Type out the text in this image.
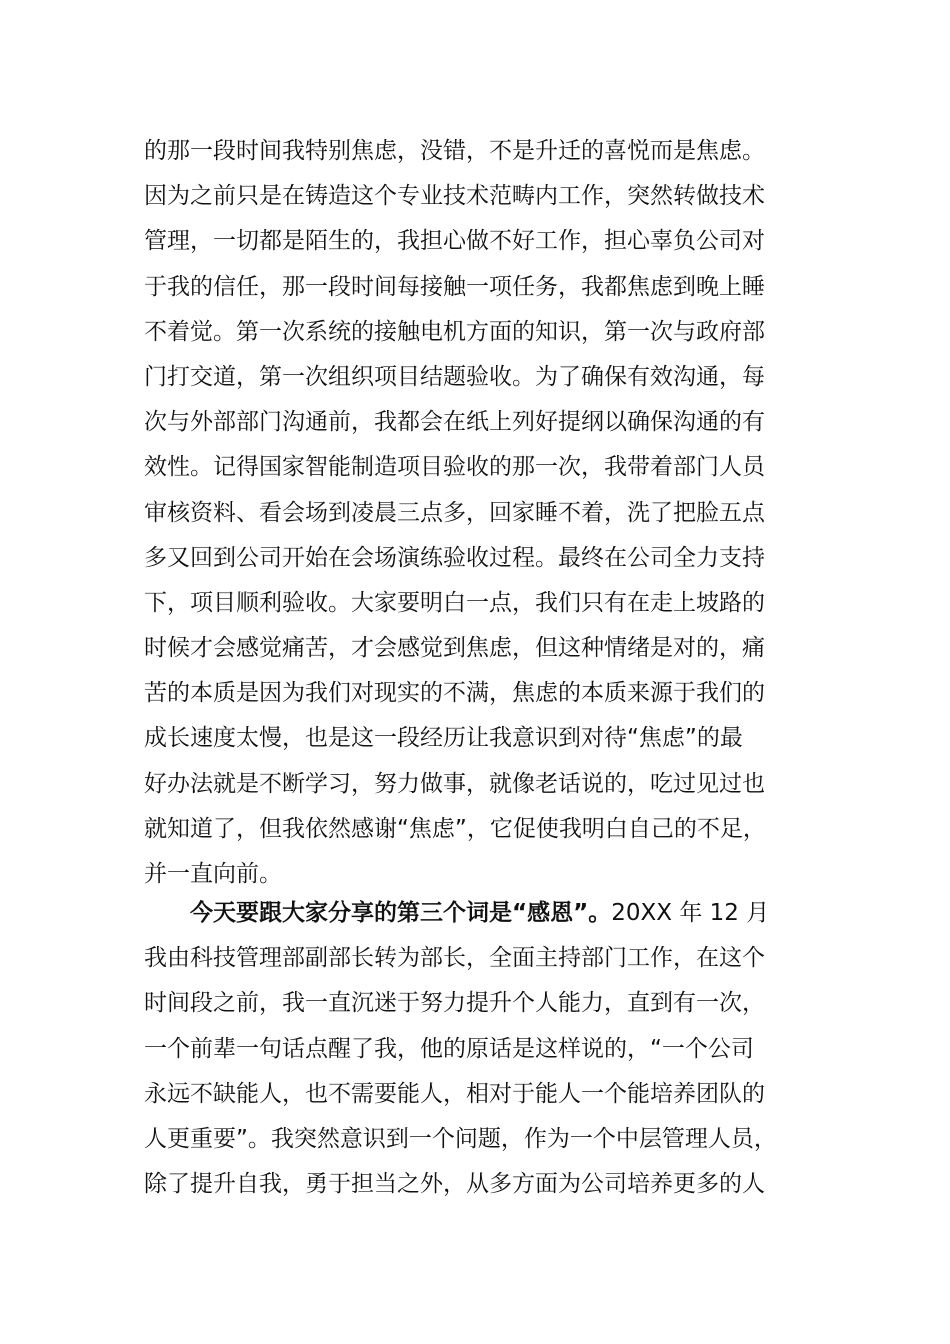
的那一段时间我特别焦虑，没错，不是升迁的喜悦而是焦虑。
因为之前只是在铸造这个专业技术范畴内工作，突然转做技术
管理，一切都是陌生的，我担心做不好工作，担心辜负公司对
于我的信任，那一段时间每接触一项任务，我都焦虑到晚上睡
不着觉。第一次系统的接触电机方面的知识，第一次与政府部
门打交道，第一次组织项目结题验收。为了确保有效沟通，每
次与外部部门沟通前，我都会在纸上列好提纲以确保沟通的有
效性。记得国家智能制造项目验收的那一次，我带着部门人员
审核资料、看会场到凌晨三点多，回家睡不着，洗了把脸五点
多又回到公司开始在会场演练验收过程。最终在公司全力支持
下，项目顺利验收。大家要明白一点，我们只有在走上坡路的
时候才会感觉痛苦，才会感觉到焦虑，但这种情绪是对的，痛
苦的本质是因为我们对现实的不满，焦虑的本质来源于我们的
成长速度太慢，也是这一段经历让我意识到对待“焦虑”的最
好办法就是不断学习，努力做事，就像老话说的，吃过见过也
就知道了，但我依然感谢“焦虑”，它促使我明白自己的不足，
并一直向前。
今天要跟大家分享的第三个词是“感恩”。20XX 年 12 月
我由科技管理部副部长转为部长，全面主持部门工作，在这个
时间段之前，我一直沉迷于努力提升个人能力，直到有一次，
一个前辈一句话点醒了我，他的原话是这样说的，“一个公司
永远不缺能人，也不需要能人，相对于能人一个能培养团队的
人更重要”。我突然意识到一个问题，作为一个中层管理人员，
除了提升自我，勇于担当之外，从多方面为公司培养更多的人
